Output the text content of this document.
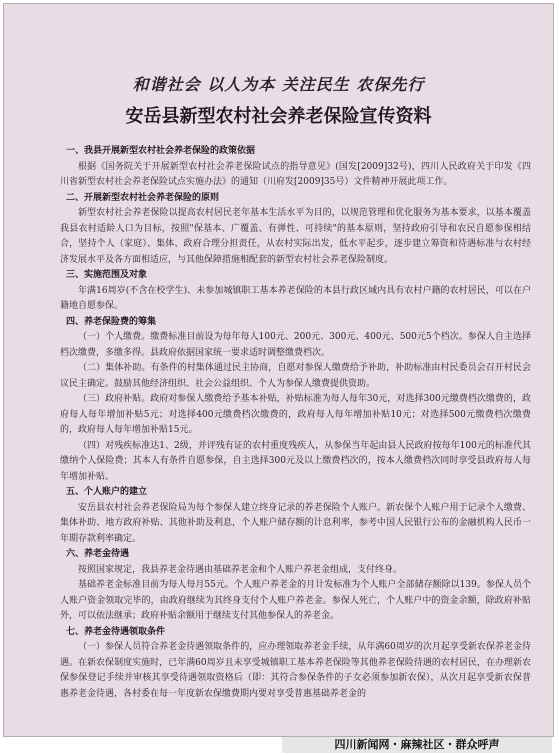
和谐社会 以人为本 关注民生 农保先行
安岳县新型农村社会养老保险宣传资料
一、我县开展新型农村社会养老保险的政策依据
根据《国务院关于开展新型农村社会养老保险试点的指导意见》(国发[2009]32号)，四川人民政府关于印发《四川省新型农村社会养老保险试点实施办法》的通知（川府发[2009]35号）文件精神开展此项工作。
二、开展新型农村社会养老保险的原则
新型农村社会养老保险以提高农村居民老年基本生活水平为目的，以规范管理和优化服务为基本要求，以基本覆盖我县农村适龄人口为目标，按照"保基本、广覆盖、有弹性、可持续"的基本原则，坚持政府引导和农民自愿参保相结合，坚持个人（家庭）、集体、政府合理分担责任，从农村实际出发，低水平起步，逐步建立筹资和待遇标准与农村经济发展水平及各方面相适应，与其他保障措施相配套的新型农村社会养老保险制度。
三、实施范围及对象
年满16周岁(不含在校学生)、未参加城镇职工基本养老保险的本县行政区域内具有农村户籍的农村居民，可以在户籍地自愿参保。
四、养老保险费的筹集
（一）个人缴费。缴费标准目前设为每年每人100元、200元、300元、400元、500元5个档次。参保人自主选择档次缴费，多缴多得。县政府依据国家统一要求适时调整缴费档次。
（二）集体补助。有条件的村集体通过民主协商，自愿对参保人缴费给予补助，补助标准由村民委员会召开村民会议民主确定。鼓励其他经济组织、社会公益组织、个人为参保人缴费提供资助。
（三）政府补贴。政府对参保人缴费给予基本补贴，补贴标准为每人每年30元，对选择300元缴费档次缴费的，政府每人每年增加补贴5元；对选择400元缴费档次缴费的，政府每人每年增加补贴10元；对选择500元缴费档次缴费的，政府每人每年增加补贴15元。
（四）对残疾标准达1、2级，并评残有证的农村重度残疾人，从参保当年起由县人民政府按每年100元的标准代其缴纳个人保险费；其本人有条件自愿参保，自主选择300元及以上缴费档次的，按本人缴费档次同时享受县政府每人每年增加补贴。
五、个人账户的建立
安岳县农村社会养老保险局为每个参保人建立终身记录的养老保险个人账户。新农保个人账户用于记录个人缴费、集体补助、地方政府补贴、其他补助及利息，个人账户储存额的计息利率，参考中国人民银行公布的金融机构人民币一年期存款利率确定。
六、养老金待遇
按照国家规定，我县养老金待遇由基础养老金和个人账户养老金组成，支付终身。
基础养老金标准目前为每人每月55元。个人账户养老金的月计发标准为个人账户全部储存额除以139。参保人员个人账户资金领取完毕的，由政府继续为其终身支付个人账户养老金。参保人死亡，个人账户中的资金余额，除政府补贴外，可以依法继承；政府补贴余额用于继续支付其他参保人的养老金。
七、养老金待遇领取条件
（一）参保人员符合养老金待遇领取条件的，应办理领取养老金手续，从年满60周岁的次月起享受新农保养老金待遇。在新农保制度实施时，已年满60周岁且未享受城镇职工基本养老保险等其他养老保险待遇的农村居民，在办理新农保参保登记手续并审核其享受待遇领取资格后（即：其符合参保条件的子女必须参加新农保），从次月起享受新农保普惠养老金待遇，各村委在每一年度新农保缴费期内要对享受普惠基础养老金的
四川新闻网・麻辣社区・群众呼声
